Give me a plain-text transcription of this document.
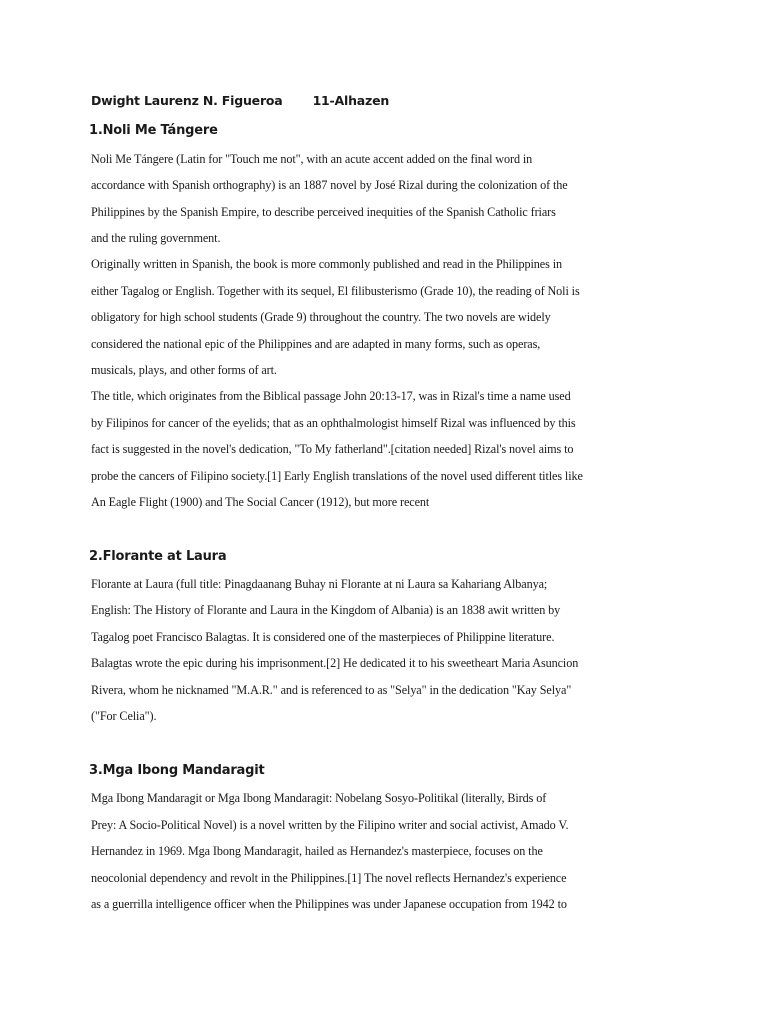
Dwight Laurenz N. Figueroa 11-Alhazen
1.Noli Me Tángere
Noli Me Tángere (Latin for "Touch me not", with an acute accent added on the final word in
accordance with Spanish orthography) is an 1887 novel by José Rizal during the colonization of the
Philippines by the Spanish Empire, to describe perceived inequities of the Spanish Catholic friars
and the ruling government.
Originally written in Spanish, the book is more commonly published and read in the Philippines in
either Tagalog or English. Together with its sequel, El filibusterismo (Grade 10), the reading of Noli is
obligatory for high school students (Grade 9) throughout the country. The two novels are widely
considered the national epic of the Philippines and are adapted in many forms, such as operas,
musicals, plays, and other forms of art.
The title, which originates from the Biblical passage John 20:13-17, was in Rizal's time a name used
by Filipinos for cancer of the eyelids; that as an ophthalmologist himself Rizal was influenced by this
fact is suggested in the novel's dedication, "To My fatherland".[citation needed] Rizal's novel aims to
probe the cancers of Filipino society.[1] Early English translations of the novel used different titles like
An Eagle Flight (1900) and The Social Cancer (1912), but more recent
2.Florante at Laura
Florante at Laura (full title: Pinagdaanang Buhay ni Florante at ni Laura sa Kahariang Albanya;
English: The History of Florante and Laura in the Kingdom of Albania) is an 1838 awit written by
Tagalog poet Francisco Balagtas. It is considered one of the masterpieces of Philippine literature.
Balagtas wrote the epic during his imprisonment.[2] He dedicated it to his sweetheart Maria Asuncion
Rivera, whom he nicknamed "M.A.R." and is referenced to as "Selya" in the dedication "Kay Selya"
("For Celia").
3.Mga Ibong Mandaragit
Mga Ibong Mandaragit or Mga Ibong Mandaragit: Nobelang Sosyo-Politikal (literally, Birds of
Prey: A Socio-Political Novel) is a novel written by the Filipino writer and social activist, Amado V.
Hernandez in 1969. Mga Ibong Mandaragit, hailed as Hernandez's masterpiece, focuses on the
neocolonial dependency and revolt in the Philippines.[1] The novel reflects Hernandez's experience
as a guerrilla intelligence officer when the Philippines was under Japanese occupation from 1942 to
